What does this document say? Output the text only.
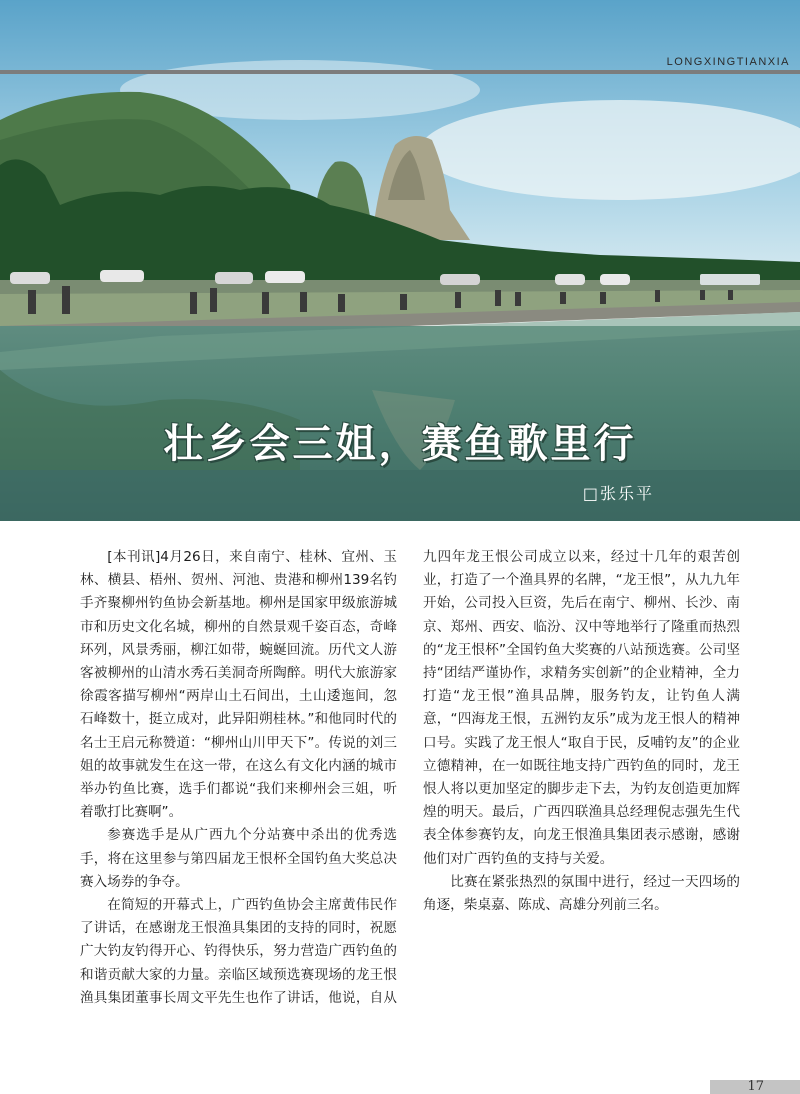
LONGXINGTIANXIA
壮乡会三姐，赛鱼歌里行
□张乐平

[本刊讯]4月26日，来自南宁、桂林、宜州、玉林、横县、梧州、贺州、河池、贵港和柳州139名钓手齐聚柳州钓鱼协会新基地。柳州是国家甲级旅游城市和历史文化名城，柳州的自然景观千姿百态，奇峰环列，风景秀丽，柳江如带，蜿蜒回流。历代文人游客被柳州的山清水秀石美洞奇所陶醉。明代大旅游家徐霞客描写柳州“两岸山土石间出，土山逶迤间，忽石峰数十，挺立成对，此异阳朔桂林。”和他同时代的名士王启元称赞道：“柳州山川甲天下”。传说的刘三姐的故事就发生在这一带，在这么有文化内涵的城市举办钓鱼比赛，选手们都说“我们来柳州会三姐，听着歌打比赛啊”。

参赛选手是从广西九个分站赛中杀出的优秀选手，将在这里参与第四届龙王恨杯全国钓鱼大奖总决赛入场券的争夺。

在简短的开幕式上，广西钓鱼协会主席黄伟民作了讲话，在感谢龙王恨渔具集团的支持的同时，祝愿广大钓友钓得开心、钓得快乐，努力营造广西钓鱼的和谐贡献大家的力量。亲临区域预选赛现场的龙王恨渔具集团董事长周文平先生也作了讲话，他说，自从九四年龙王恨公司成立以来，经过十几年的艰苦创业，打造了一个渔具界的名牌，“龙王恨”，从九九年开始，公司投入巨资，先后在南宁、柳州、长沙、南京、郑州、西安、临汾、汉中等地举行了隆重而热烈的“龙王恨杯”全国钓鱼大奖赛的八站预选赛。公司坚持“团结严谨协作，求精务实创新”的企业精神，全力打造“龙王恨”渔具品牌，服务钓友，让钓鱼人满意，“四海龙王恨，五洲钓友乐”成为龙王恨人的精神口号。实践了龙王恨人“取自于民，反哺钓友”的企业立德精神，在一如既往地支持广西钓鱼的同时，龙王恨人将以更加坚定的脚步走下去，为钓友创造更加辉煌的明天。最后，广西四联渔具总经理倪志强先生代表全体参赛钓友，向龙王恨渔具集团表示感谢，感谢他们对广西钓鱼的支持与关爱。

比赛在紧张热烈的氛围中进行，经过一天四场的角逐，柴桌嘉、陈成、高雄分列前三名。

17
